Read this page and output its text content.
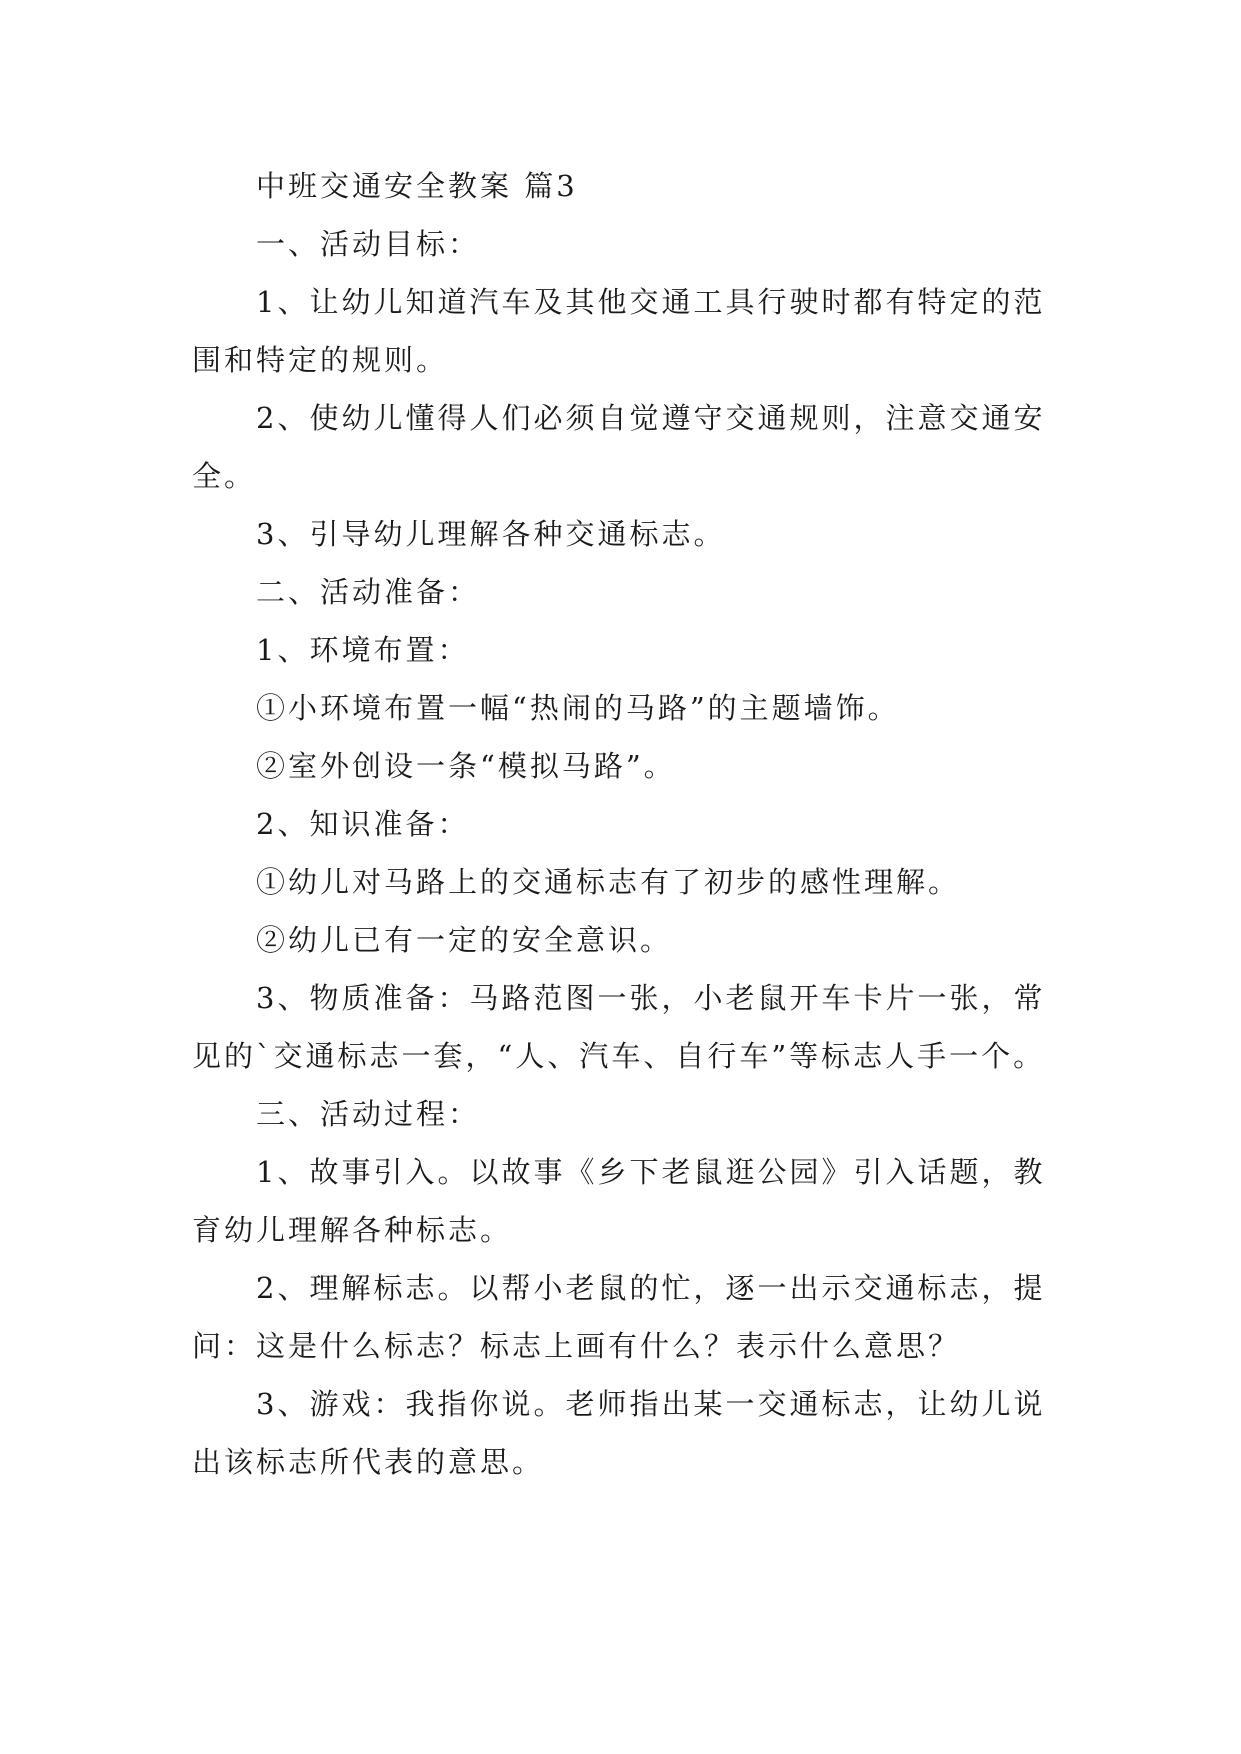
中班交通安全教案 篇3

一、活动目标：

1、让幼儿知道汽车及其他交通工具行驶时都有特定的范围和特定的规则。

2、使幼儿懂得人们必须自觉遵守交通规则，注意交通安全。

3、引导幼儿理解各种交通标志。

二、活动准备：

1、环境布置：

①小环境布置一幅“热闹的马路”的主题墙饰。

②室外创设一条“模拟马路”。

2、知识准备：

①幼儿对马路上的交通标志有了初步的感性理解。

②幼儿已有一定的安全意识。

3、物质准备：马路范图一张，小老鼠开车卡片一张，常见的`交通标志一套，“人、汽车、自行车”等标志人手一个。

三、活动过程：

1、故事引入。以故事《乡下老鼠逛公园》引入话题，教育幼儿理解各种标志。

2、理解标志。以帮小老鼠的忙，逐一出示交通标志，提问：这是什么标志？标志上画有什么？表示什么意思？

3、游戏：我指你说。老师指出某一交通标志，让幼儿说出该标志所代表的意思。
